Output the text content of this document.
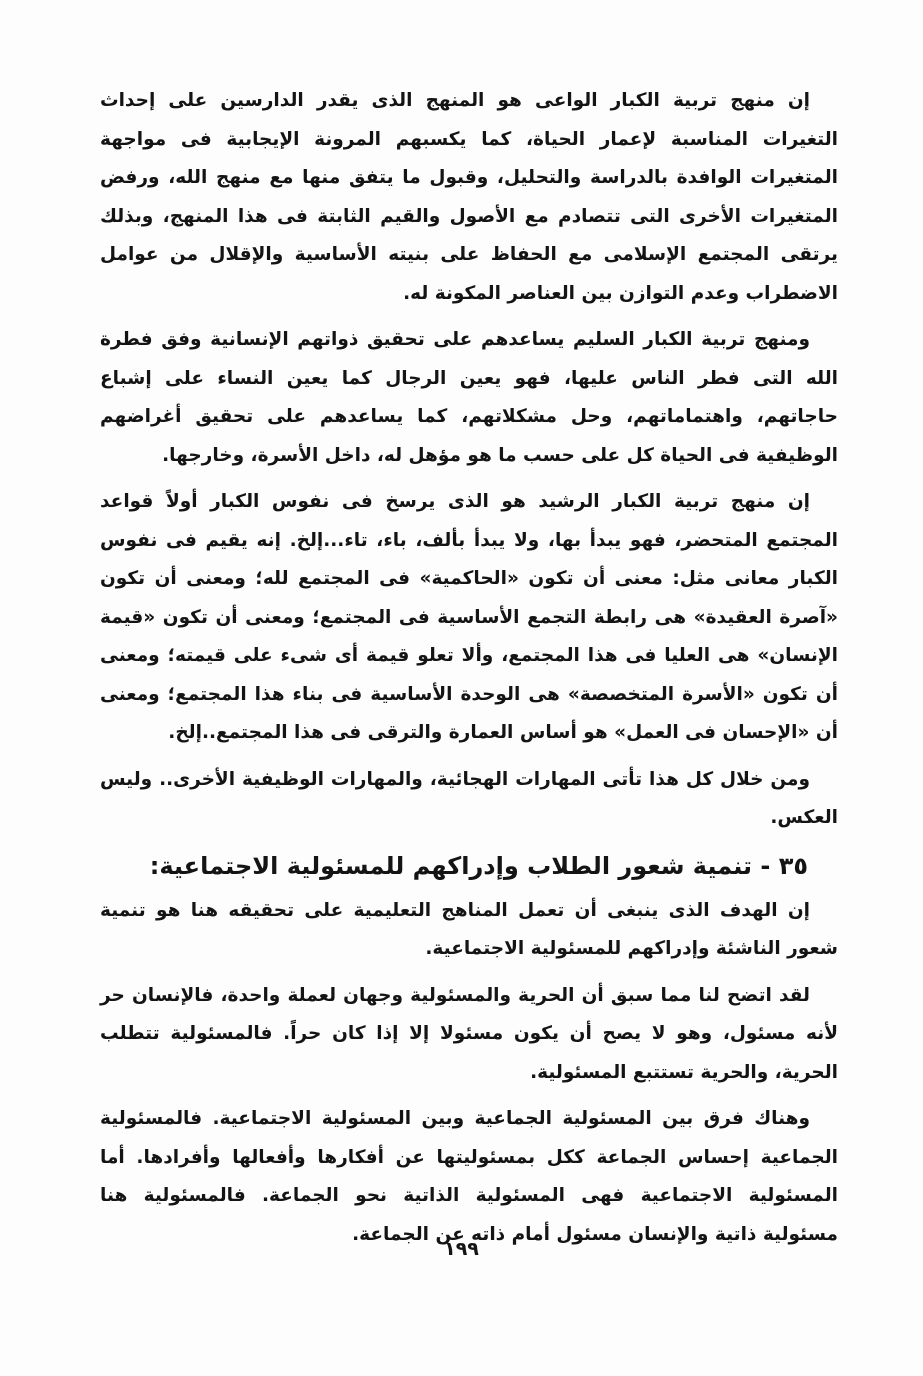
إن منهج تربية الكبار الواعى هو المنهج الذى يقدر الدارسين على إحداث التغيرات المناسبة لإعمار الحياة، كما يكسبهم المرونة الإيجابية فى مواجهة المتغيرات الوافدة بالدراسة والتحليل، وقبول ما يتفق منها مع منهج الله، ورفض المتغيرات الأخرى التى تتصادم مع الأصول والقيم الثابتة فى هذا المنهج، وبذلك يرتقى المجتمع الإسلامى مع الحفاظ على بنيته الأساسية والإقلال من عوامل الاضطراب وعدم التوازن بين العناصر المكونة له.

ومنهج تربية الكبار السليم يساعدهم على تحقيق ذواتهم الإنسانية وفق فطرة الله التى فطر الناس عليها، فهو يعين الرجال كما يعين النساء على إشباع حاجاتهم، واهتماماتهم، وحل مشكلاتهم، كما يساعدهم على تحقيق أغراضهم الوظيفية فى الحياة كل على حسب ما هو مؤهل له، داخل الأسرة، وخارجها.

إن منهج تربية الكبار الرشيد هو الذى يرسخ فى نفوس الكبار أولاً قواعد المجتمع المتحضر، فهو يبدأ بها، ولا يبدأ بألف، باء، تاء...إلخ. إنه يقيم فى نفوس الكبار معانى مثل: معنى أن تكون «الحاكمية» فى المجتمع لله؛ ومعنى أن تكون «آصرة العقيدة» هى رابطة التجمع الأساسية فى المجتمع؛ ومعنى أن تكون «قيمة الإنسان» هى العليا فى هذا المجتمع، وألا تعلو قيمة أى شىء على قيمته؛ ومعنى أن تكون «الأسرة المتخصصة» هى الوحدة الأساسية فى بناء هذا المجتمع؛ ومعنى أن «الإحسان فى العمل» هو أساس العمارة والترقى فى هذا المجتمع..إلخ.

ومن خلال كل هذا تأتى المهارات الهجائية، والمهارات الوظيفية الأخرى.. وليس العكس.

٣٥ - تنمية شعور الطلاب وإدراكهم للمسئولية الاجتماعية:

إن الهدف الذى ينبغى أن تعمل المناهج التعليمية على تحقيقه هنا هو تنمية شعور الناشئة وإدراكهم للمسئولية الاجتماعية.

لقد اتضح لنا مما سبق أن الحرية والمسئولية وجهان لعملة واحدة، فالإنسان حر لأنه مسئول، وهو لا يصح أن يكون مسئولا إلا إذا كان حراً. فالمسئولية تتطلب الحرية، والحرية تستتبع المسئولية.

وهناك فرق بين المسئولية الجماعية وبين المسئولية الاجتماعية. فالمسئولية الجماعية إحساس الجماعة ككل بمسئوليتها عن أفكارها وأفعالها وأفرادها. أما المسئولية الاجتماعية فهى المسئولية الذاتية نحو الجماعة. فالمسئولية هنا مسئولية ذاتية والإنسان مسئول أمام ذاته عن الجماعة.

١٩٩
